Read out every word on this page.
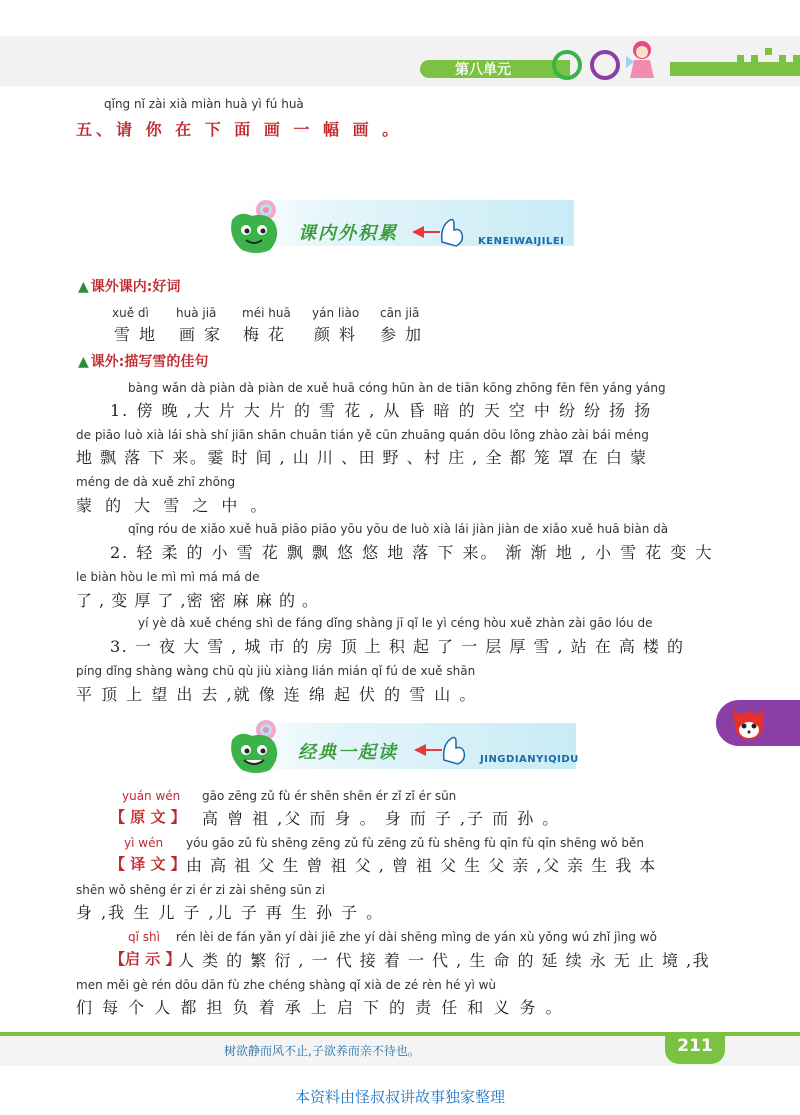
第八单元
qǐng nǐ zài xià miàn huà yì fú huà
五、请 你 在 下 面 画 一 幅 画 。
课内外积累	KENEIWAIJILEI
▲ 课外课内:好词
xuě dì huà jiā méi huā yán liào cān jiā
雪地 画家 梅花 颜料 参加
▲ 课外:描写雪的佳句
bàng wǎn dà piàn dà piàn de xuě huā cóng hūn àn de tiān kōng zhōng fēn fēn yáng yáng
1. 傍 晚 ,大 片 大 片 的 雪 花 , 从 昏 暗 的 天 空 中 纷 纷 扬 扬
de piāo luò xià lái shà shí jiān shān chuān tián yě cūn zhuāng quán dōu lǒng zhào zài bái méng
地 飘 落 下 来。霎 时 间 , 山 川 、田 野 、村 庄 , 全 都 笼 罩 在 白 蒙
méng de dà xuě zhī zhōng
蒙 的 大 雪 之 中 。
qīng róu de xiǎo xuě huā piāo piāo yōu yōu de luò xià lái jiàn jiàn de xiǎo xuě huā biàn dà
2. 轻 柔 的 小 雪 花 飘 飘 悠 悠 地 落 下 来。 渐 渐 地 , 小 雪 花 变 大
le biàn hòu le mì mì má má de
了 , 变 厚 了 ,密 密 麻 麻 的 。
yí yè dà xuě chéng shì de fáng dǐng shàng jī qǐ le yì céng hòu xuě zhàn zài gāo lóu de
3. 一 夜 大 雪 , 城 市 的 房 顶 上 积 起 了 一 层 厚 雪 , 站 在 高 楼 的
píng dǐng shàng wàng chū qù jiù xiàng lián mián qǐ fú de xuě shān
平 顶 上 望 出 去 ,就 像 连 绵 起 伏 的 雪 山 。
经典一起读	JINGDIANYIQIDU
yuán wén gāo zēng zǔ fù ér shēn shēn ér zǐ zǐ ér sūn
【 原 文 】 高 曾 祖 ,父 而 身 。 身 而 子 ,子 而 孙 。
yì wén yóu gāo zǔ fù shēng zēng zǔ fù zēng zǔ fù shēng fù qīn fù qīn shēng wǒ běn
【 译 文 】 由 高 祖 父 生 曾 祖 父 , 曾 祖 父 生 父 亲 ,父 亲 生 我 本
shēn wǒ shēng ér zi ér zi zài shēng sūn zi
身 ,我 生 儿 子 ,儿 子 再 生 孙 子 。
qǐ shì rén lèi de fán yǎn yí dài jiē zhe yí dài shēng mìng de yán xù yǒng wú zhǐ jìng wǒ
【启 示 】
人 类 的 繁 衍 , 一 代 接 着 一 代 , 生 命 的 延 续 永 无 止 境 ,我
men měi gè rén dōu dān fù zhe chéng shàng qǐ xià de zé rèn hé yì wù
们 每 个 人 都 担 负 着 承 上 启 下 的 责 任 和 义 务 。
树欲静而风不止,子欲养而亲不待也。	211
本资料由怪叔叔讲故事独家整理
